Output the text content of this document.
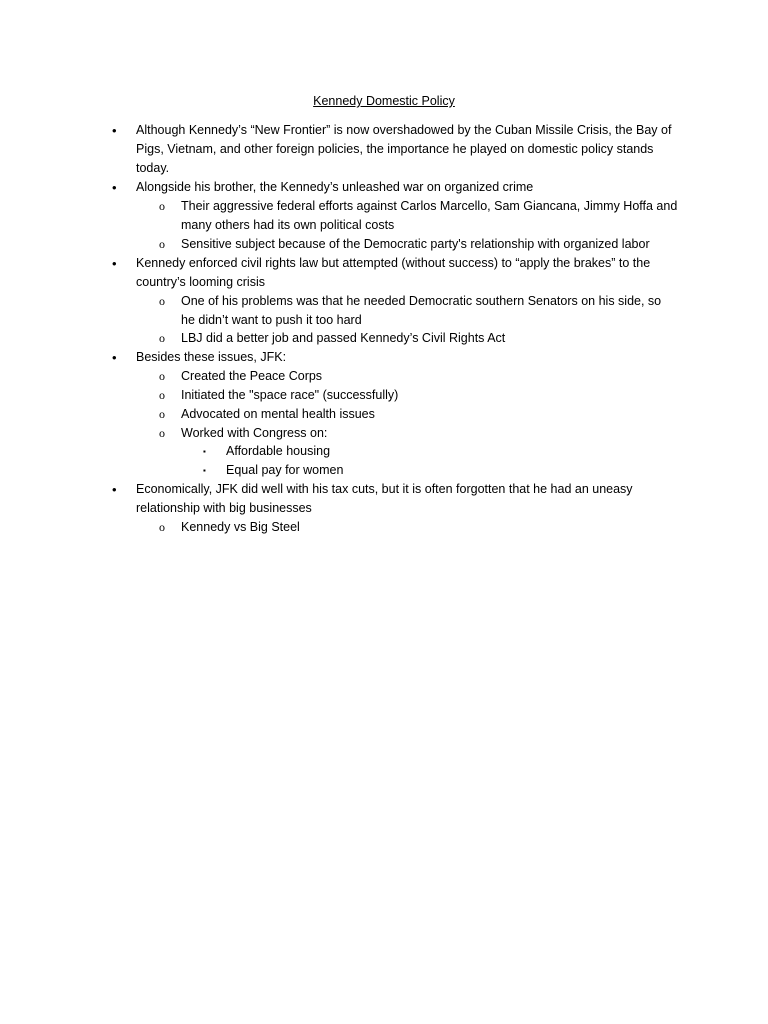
Kennedy Domestic Policy
• Although Kennedy’s “New Frontier” is now overshadowed by the Cuban Missile Crisis, the Bay of
Pigs, Vietnam, and other foreign policies, the importance he played on domestic policy stands
today.
• Alongside his brother, the Kennedy’s unleashed war on organized crime
o Their aggressive federal efforts against Carlos Marcello, Sam Giancana, Jimmy Hoffa and
many others had its own political costs
o Sensitive subject because of the Democratic party's relationship with organized labor
• Kennedy enforced civil rights law but attempted (without success) to “apply the brakes” to the
country’s looming crisis
o One of his problems was that he needed Democratic southern Senators on his side, so
he didn’t want to push it too hard
o LBJ did a better job and passed Kennedy’s Civil Rights Act
• Besides these issues, JFK:
o Created the Peace Corps
o Initiated the "space race" (successfully)
o Advocated on mental health issues
o Worked with Congress on:
▪ Affordable housing
▪ Equal pay for women
• Economically, JFK did well with his tax cuts, but it is often forgotten that he had an uneasy
relationship with big businesses
o Kennedy vs Big Steel
